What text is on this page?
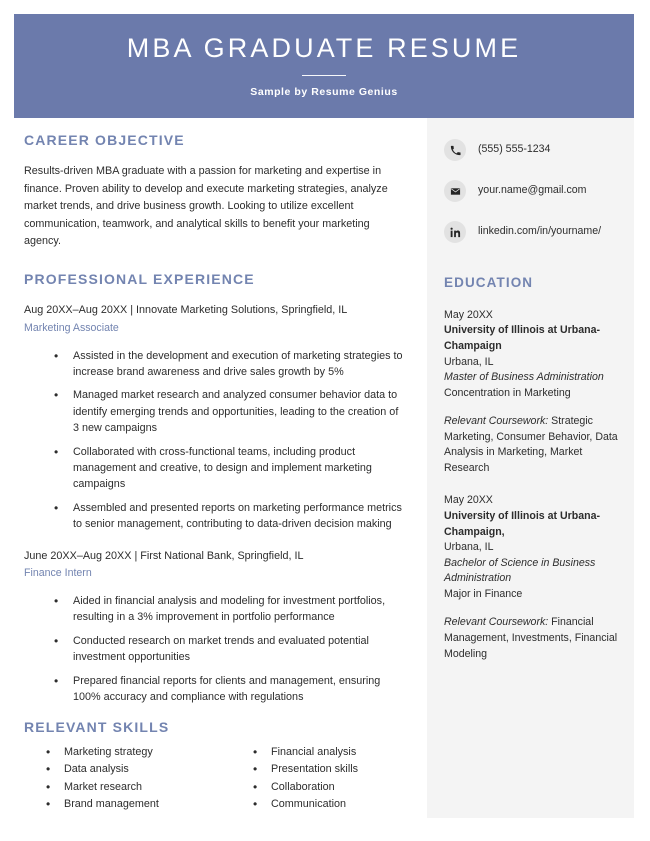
MBA GRADUATE RESUME
Sample by Resume Genius
CAREER OBJECTIVE

Results-driven MBA graduate with a passion for marketing and expertise in finance. Proven ability to develop and execute marketing strategies, analyze market trends, and drive business growth. Looking to utilize excellent communication, teamwork, and analytical skills to benefit your marketing agency.

PROFESSIONAL EXPERIENCE

Aug 20XX–Aug 20XX | Innovate Marketing Solutions, Springfield, IL

Marketing Associate

• Assisted in the development and execution of marketing strategies to increase brand awareness and drive sales growth by 5%
• Managed market research and analyzed consumer behavior data to identify emerging trends and opportunities, leading to the creation of 3 new campaigns
• Collaborated with cross-functional teams, including product management and creative, to design and implement marketing campaigns
• Assembled and presented reports on marketing performance metrics to senior management, contributing to data-driven decision making

June 20XX–Aug 20XX | First National Bank, Springfield, IL

Finance Intern

• Aided in financial analysis and modeling for investment portfolios, resulting in a 3% improvement in portfolio performance
• Conducted research on market trends and evaluated potential investment opportunities
• Prepared financial reports for clients and management, ensuring 100% accuracy and compliance with regulations
RELEVANT SKILLS
• Marketing strategy
• Data analysis
• Market research
• Brand management
• Financial analysis
• Presentation skills
• Collaboration
• Communication
(555) 555-1234
your.name@gmail.com
linkedin.com/in/yourname/
EDUCATION

May 20XX

University of Illinois at Urbana-Champaign

Urbana, IL

Master of Business Administration

Concentration in Marketing

Relevant Coursework: Strategic Marketing, Consumer Behavior, Data Analysis in Marketing, Market Research

May 20XX

University of Illinois at Urbana-Champaign,

Urbana, IL

Bachelor of Science in Business Administration

Major in Finance

Relevant Coursework: Financial Management, Investments, Financial Modeling
